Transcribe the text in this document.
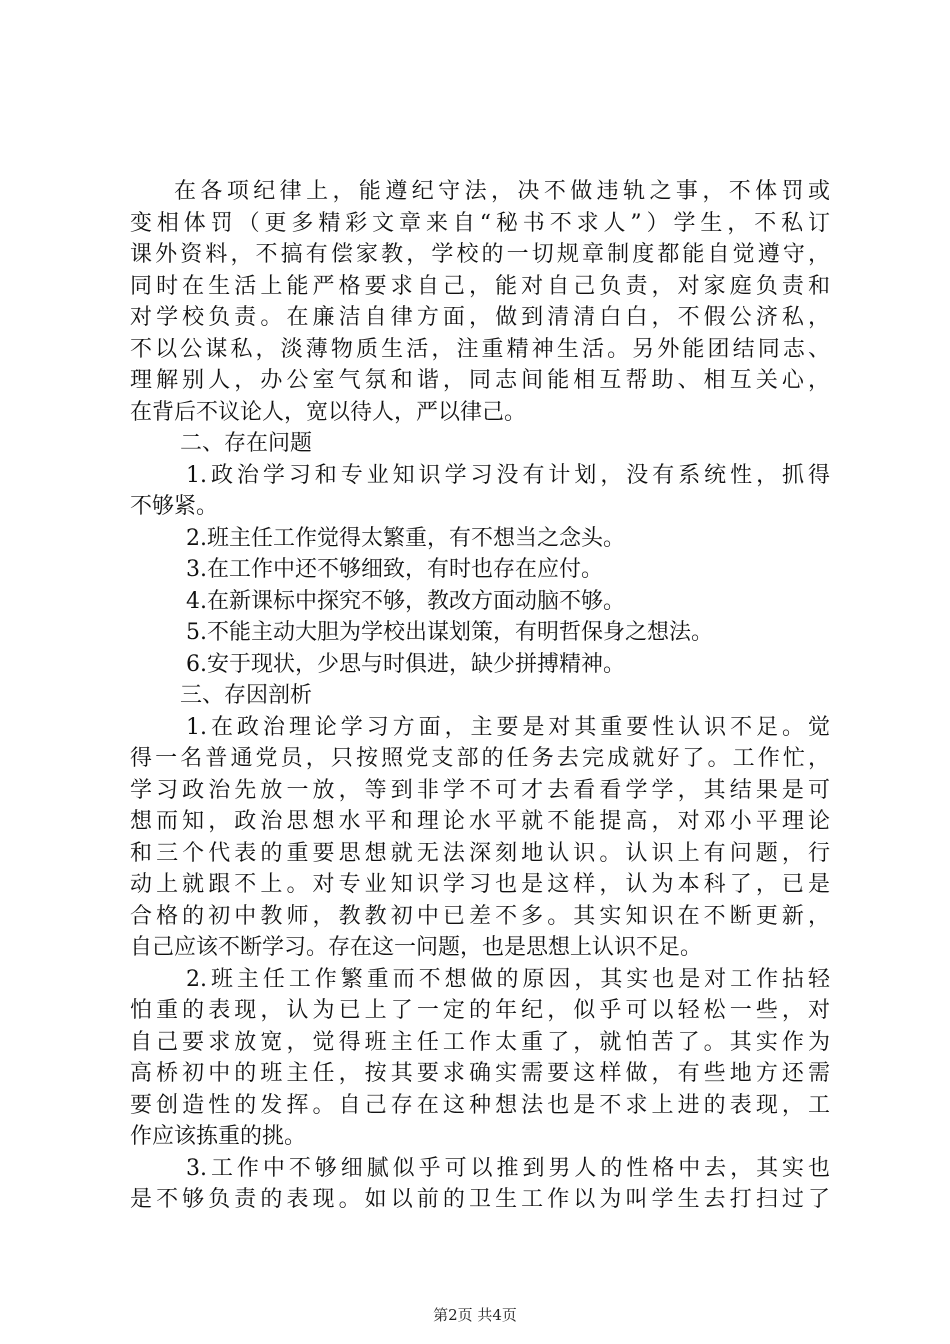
在各项纪律上，能遵纪守法，决不做违轨之事，不体罚或
变相体罚（更多精彩文章来自“秘书不求人”）学生，不私订
课外资料，不搞有偿家教，学校的一切规章制度都能自觉遵守，
同时在生活上能严格要求自己，能对自己负责，对家庭负责和
对学校负责。在廉洁自律方面，做到清清白白，不假公济私，
不以公谋私，淡薄物质生活，注重精神生活。另外能团结同志、
理解别人，办公室气氛和谐，同志间能相互帮助、相互关心，
在背后不议论人，宽以待人，严以律己。
二、存在问题
1.政治学习和专业知识学习没有计划，没有系统性，抓得
不够紧。
2.班主任工作觉得太繁重，有不想当之念头。
3.在工作中还不够细致，有时也存在应付。
4.在新课标中探究不够，教改方面动脑不够。
5.不能主动大胆为学校出谋划策，有明哲保身之想法。
6.安于现状，少思与时俱进，缺少拼搏精神。
三、存因剖析
1.在政治理论学习方面，主要是对其重要性认识不足。觉
得一名普通党员，只按照党支部的任务去完成就好了。工作忙，
学习政治先放一放，等到非学不可才去看看学学，其结果是可
想而知，政治思想水平和理论水平就不能提高，对邓小平理论
和三个代表的重要思想就无法深刻地认识。认识上有问题，行
动上就跟不上。对专业知识学习也是这样，认为本科了，已是
合格的初中教师，教教初中已差不多。其实知识在不断更新，
自己应该不断学习。存在这一问题，也是思想上认识不足。
2.班主任工作繁重而不想做的原因，其实也是对工作拈轻
怕重的表现，认为已上了一定的年纪，似乎可以轻松一些，对
自己要求放宽，觉得班主任工作太重了，就怕苦了。其实作为
高桥初中的班主任，按其要求确实需要这样做，有些地方还需
要创造性的发挥。自己存在这种想法也是不求上进的表现，工
作应该拣重的挑。
3.工作中不够细腻似乎可以推到男人的性格中去，其实也
是不够负责的表现。如以前的卫生工作以为叫学生去打扫过了
第2页 共4页
